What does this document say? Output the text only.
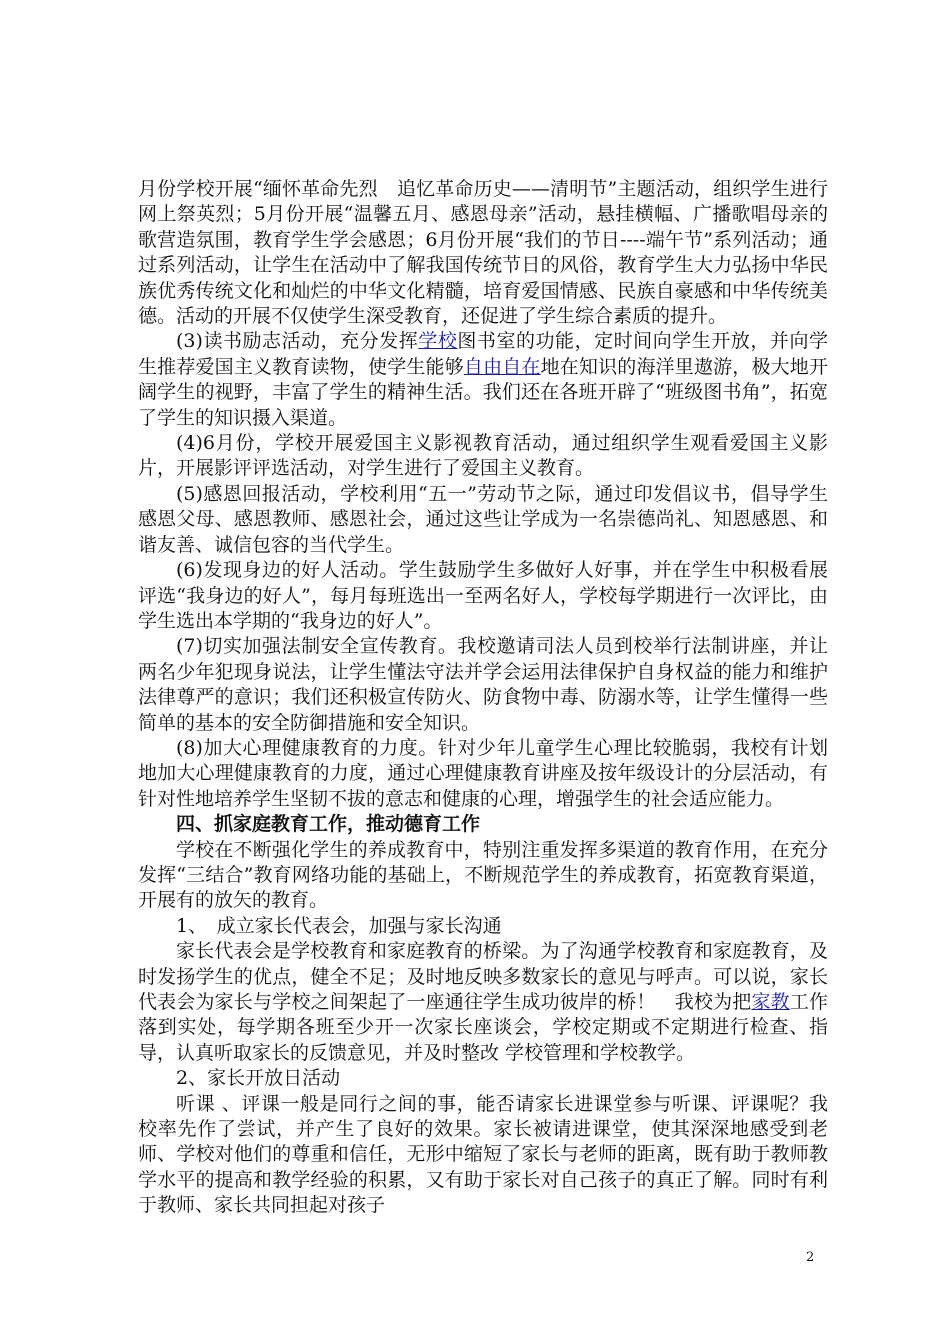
月份学校开展“缅怀革命先烈　追忆革命历史——清明节”主题活动，组织学生进行网上祭英烈；5月份开展“温馨五月、感恩母亲”活动，悬挂横幅、广播歌唱母亲的歌营造氛围，教育学生学会感恩；6月份开展“我们的节日----端午节”系列活动；通过系列活动，让学生在活动中了解我国传统节日的风俗，教育学生大力弘扬中华民族优秀传统文化和灿烂的中华文化精髓，培育爱国情感、民族自豪感和中华传统美德。活动的开展不仅使学生深受教育，还促进了学生综合素质的提升。

(3)读书励志活动，充分发挥学校图书室的功能，定时间向学生开放，并向学生推荐爱国主义教育读物，使学生能够自由自在地在知识的海洋里遨游，极大地开阔学生的视野，丰富了学生的精神生活。我们还在各班开辟了“班级图书角”，拓宽了学生的知识摄入渠道。

(4)6月份，学校开展爱国主义影视教育活动，通过组织学生观看爱国主义影片，开展影评评选活动，对学生进行了爱国主义教育。

(5)感恩回报活动，学校利用“五一”劳动节之际，通过印发倡议书，倡导学生感恩父母、感恩教师、感恩社会，通过这些让学成为一名崇德尚礼、知恩感恩、和谐友善、诚信包容的当代学生。

(6)发现身边的好人活动。学生鼓励学生多做好人好事，并在学生中积极看展评选“我身边的好人”，每月每班选出一至两名好人，学校每学期进行一次评比，由学生选出本学期的“我身边的好人”。

(7)切实加强法制安全宣传教育。我校邀请司法人员到校举行法制讲座，并让两名少年犯现身说法，让学生懂法守法并学会运用法律保护自身权益的能力和维护法律尊严的意识；我们还积极宣传防火、防食物中毒、防溺水等，让学生懂得一些简单的基本的安全防御措施和安全知识。

(8)加大心理健康教育的力度。针对少年儿童学生心理比较脆弱，我校有计划地加大心理健康教育的力度，通过心理健康教育讲座及按年级设计的分层活动，有针对性地培养学生坚韧不拔的意志和健康的心理，增强学生的社会适应能力。

四、抓家庭教育工作，推动德育工作

学校在不断强化学生的养成教育中，特别注重发挥多渠道的教育作用，在充分发挥“三结合”教育网络功能的基础上，不断规范学生的养成教育，拓宽教育渠道，开展有的放矢的教育。

1、　成立家长代表会，加强与家长沟通

家长代表会是学校教育和家庭教育的桥梁。为了沟通学校教育和家庭教育，及时发扬学生的优点，健全不足；及时地反映多数家长的意见与呼声。可以说，家长代表会为家长与学校之间架起了一座通往学生成功彼岸的桥！　我校为把家教工作落到实处，每学期各班至少开一次家长座谈会，学校定期或不定期进行检查、指导，认真听取家长的反馈意见，并及时整改 学校管理和学校教学。

2、家长开放日活动

听课 、评课一般是同行之间的事，能否请家长进课堂参与听课、评课呢？我校率先作了尝试，并产生了良好的效果。家长被请进课堂，使其深深地感受到老师、学校对他们的尊重和信任，无形中缩短了家长与老师的距离，既有助于教师教学水平的提高和教学经验的积累，又有助于家长对自己孩子的真正了解。同时有利于教师、家长共同担起对孩子

2
